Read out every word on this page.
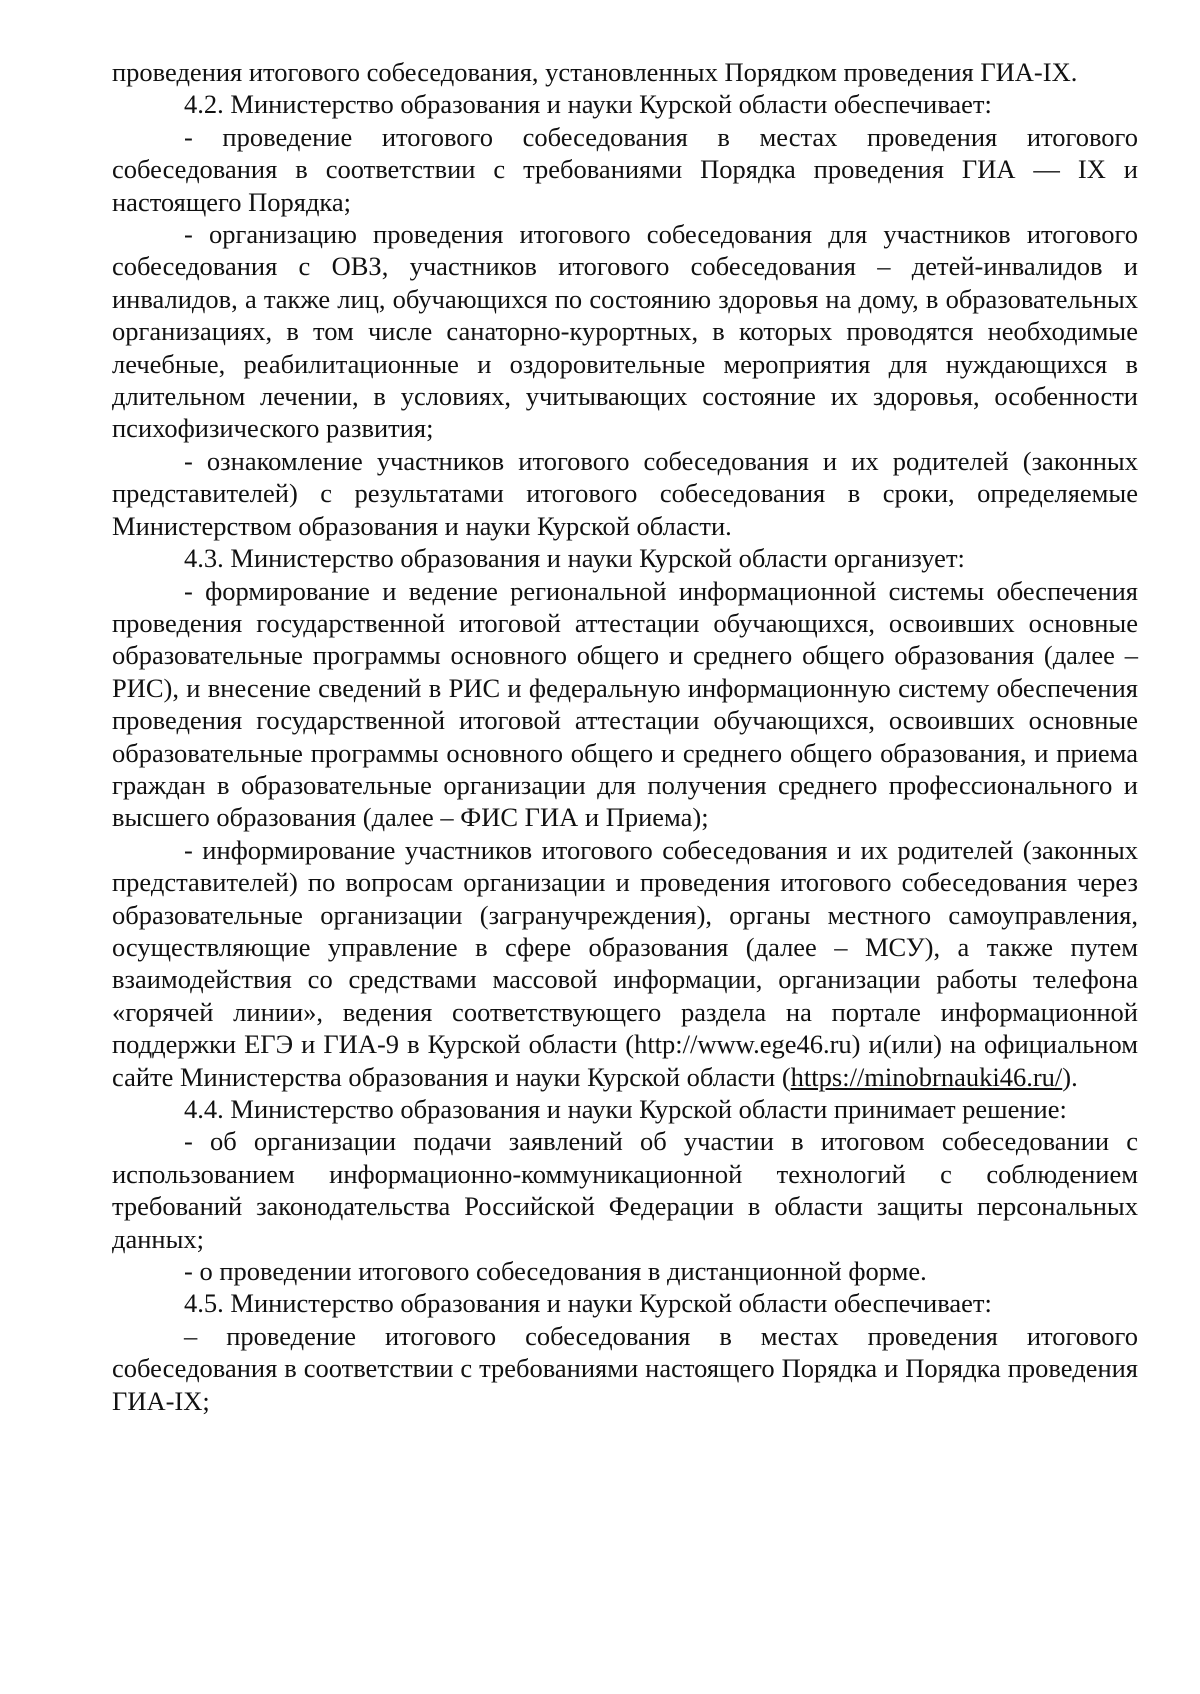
проведения итогового собеседования, установленных Порядком проведения ГИА-IX.

4.2. Министерство образования и науки Курской области обеспечивает:

- проведение итогового собеседования в местах проведения итогового собеседования в соответствии с требованиями Порядка проведения ГИА — IX и настоящего Порядка;

- организацию проведения итогового собеседования для участников итогового собеседования с ОВЗ, участников итогового собеседования – детей-инвалидов и инвалидов, а также лиц, обучающихся по состоянию здоровья на дому, в образовательных организациях, в том числе санаторно-курортных, в которых проводятся необходимые лечебные, реабилитационные и оздоровительные мероприятия для нуждающихся в длительном лечении, в условиях, учитывающих состояние их здоровья, особенности психофизического развития;

- ознакомление участников итогового собеседования и их родителей (законных представителей) с результатами итогового собеседования в сроки, определяемые Министерством образования и науки Курской области.

4.3. Министерство образования и науки Курской области организует:

- формирование и ведение региональной информационной системы обеспечения проведения государственной итоговой аттестации обучающихся, освоивших основные образовательные программы основного общего и среднего общего образования (далее – РИС), и внесение сведений в РИС и федеральную информационную систему обеспечения проведения государственной итоговой аттестации обучающихся, освоивших основные образовательные программы основного общего и среднего общего образования, и приема граждан в образовательные организации для получения среднего профессионального и высшего образования (далее – ФИС ГИА и Приема);

- информирование участников итогового собеседования и их родителей (законных представителей) по вопросам организации и проведения итогового собеседования через образовательные организации (загранучреждения), органы местного самоуправления, осуществляющие управление в сфере образования (далее – МСУ), а также путем взаимодействия со средствами массовой информации, организации работы телефона «горячей линии», ведения соответствующего раздела на портале информационной поддержки ЕГЭ и ГИА-9 в Курской области (http://www.ege46.ru) и(или) на официальном сайте Министерства образования и науки Курской области (https://minobrnauki46.ru/).

4.4. Министерство образования и науки Курской области принимает решение:

- об организации подачи заявлений об участии в итоговом собеседовании с использованием информационно-коммуникационной технологий с соблюдением требований законодательства Российской Федерации в области защиты персональных данных;

- о проведении итогового собеседования в дистанционной форме.

4.5. Министерство образования и науки Курской области обеспечивает:

– проведение итогового собеседования в местах проведения итогового собеседования в соответствии с требованиями настоящего Порядка и Порядка проведения ГИА-IX;
